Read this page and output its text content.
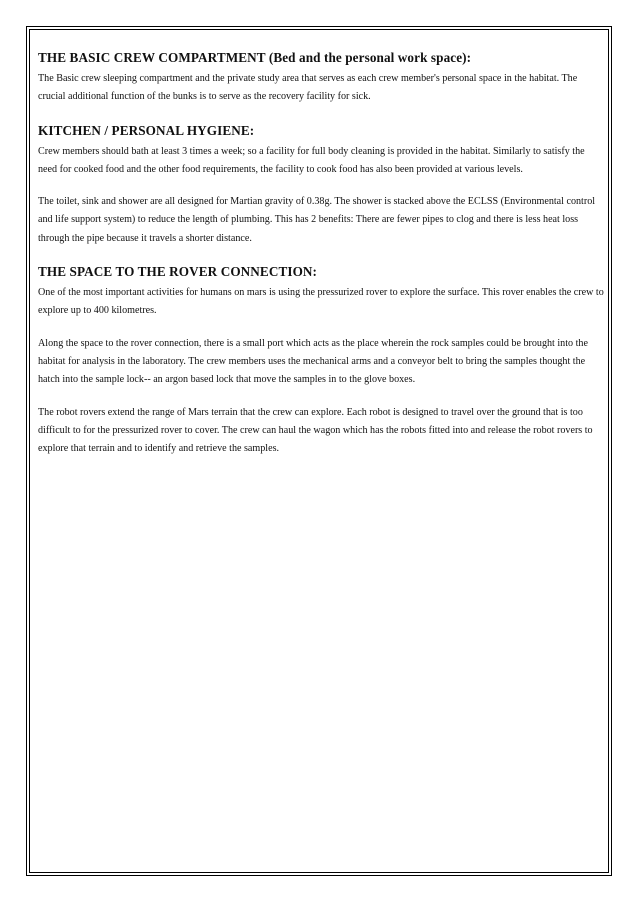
THE BASIC CREW COMPARTMENT (Bed and the personal work space):

The Basic crew sleeping compartment and the private study area that serves as each crew member's personal space in the habitat. The crucial additional function of the bunks is to serve as the recovery facility for sick.

KITCHEN / PERSONAL HYGIENE:

Crew members should bath at least 3 times a week; so a facility for full body cleaning is provided in the habitat. Similarly to satisfy the need for cooked food and the other food requirements, the facility to cook food has also been provided at various levels.

The toilet, sink and shower are all designed for Martian gravity of 0.38g. The shower is stacked above the ECLSS (Environmental control and life support system) to reduce the length of plumbing. This has 2 benefits: There are fewer pipes to clog and there is less heat loss through the pipe because it travels a shorter distance.

THE SPACE TO THE ROVER CONNECTION:

One of the most important activities for humans on mars is using the pressurized rover to explore the surface. This rover enables the crew to explore up to 400 kilometres.

Along the space to the rover connection, there is a small port which acts as the place wherein the rock samples could be brought into the habitat for analysis in the laboratory. The crew members uses the mechanical arms and a conveyor belt to bring the samples thought the hatch into the sample lock-- an argon based lock that move the samples in to the glove boxes.

The robot rovers extend the range of Mars terrain that the crew can explore. Each robot is designed to travel over the ground that is too difficult to for the pressurized rover to cover. The crew can haul the wagon which has the robots fitted into and release the robot rovers to explore that terrain and to identify and retrieve the samples.
